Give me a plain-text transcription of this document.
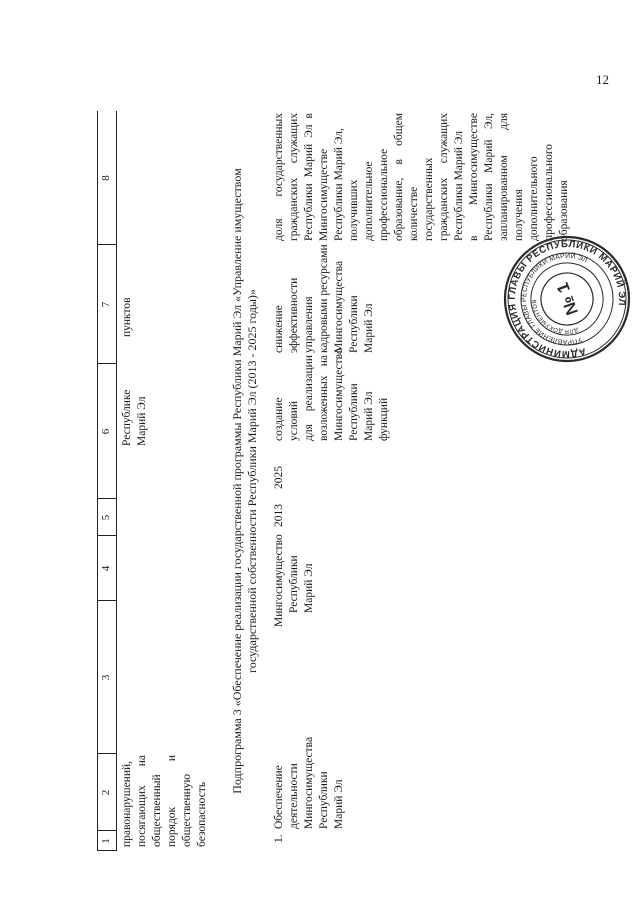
12
1
2
3
4
5
6
7
8
правонарушений, посягающих на общественный порядок и общественную безопасность
Республике Марий Эл
пунктов	Подпрограмма 3 «Обеспечение реализации государственной программы Республики Марий Эл «Управление имуществом государственной собственности Республики Марий Эл (2013 - 2025 годы)»
1.
Обеспечение деятельности Мингосимущества Республики Марий Эл
Мингосимущество Республики Марий Эл
2013
2025
создание условий для реализации возложенных на Мингосимущество Республики Марий Эл функций
снижение эффективности управления кадровыми ресурсами Мингосимущества Республики Марий Эл
доля государственных гражданских служащих Республики Марий Эл в Мингосимуществе Республики Марий Эл, получивших дополнительное профессиональное образование, в общем количестве государственных гражданских служащих Республики Марий Эл в Мингосимуществе Республики Марий Эл, запланированном для получения дополнительного профессионального образования
АДМИНИСТРАЦИЯ ГЛАВЫ РЕСПУБЛИКИ МАРИЙ ЭЛ
УПРАВЛЕНИЕ ГЛАВЫ РЕСПУБЛИКИ МАРИЙ ЭЛ
ДЛЯ ДОКУМЕНТОВ № 1
